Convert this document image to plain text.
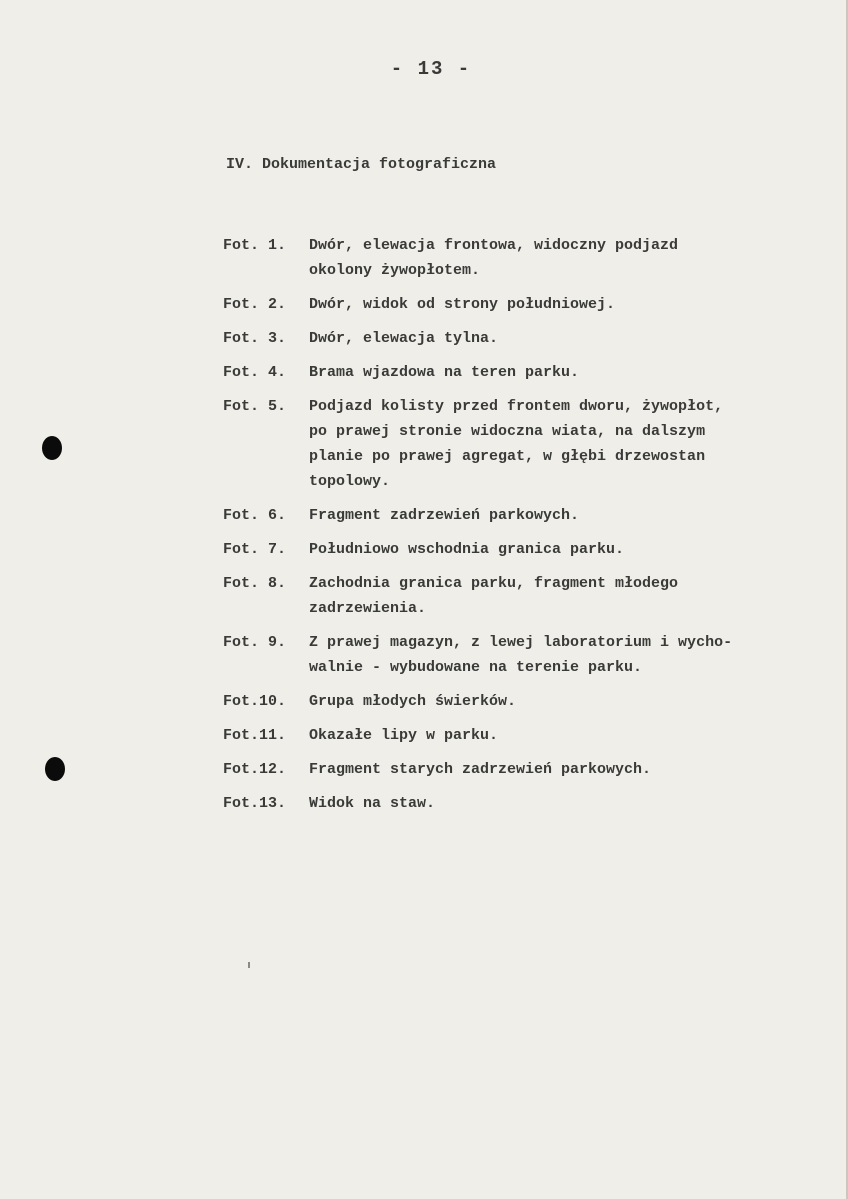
- 13 -
IV. Dokumentacja fotograficzna
Fot. 1.	Dwór, elewacja frontowa, widoczny podjazd
okolony żywopłotem.
Fot. 2.	Dwór, widok od strony południowej.
Fot. 3.	Dwór, elewacja tylna.
Fot. 4.	Brama wjazdowa na teren parku.
Fot. 5.	Podjazd kolisty przed frontem dworu, żywopłot,
po prawej stronie widoczna wiata, na dalszym
planie po prawej agregat, w głębi drzewostan
topolowy.
Fot. 6.	Fragment zadrzewień parkowych.
Fot. 7.	Południowo wschodnia granica parku.
Fot. 8.	Zachodnia granica parku, fragment młodego
zadrzewienia.
Fot. 9.	Z prawej magazyn, z lewej laboratorium i wycho-
walnie - wybudowane na terenie parku.
Fot.10.	Grupa młodych świerków.
Fot.11.	Okazałe lipy w parku.
Fot.12.	Fragment starych zadrzewień parkowych.
Fot.13.	Widok na staw.
